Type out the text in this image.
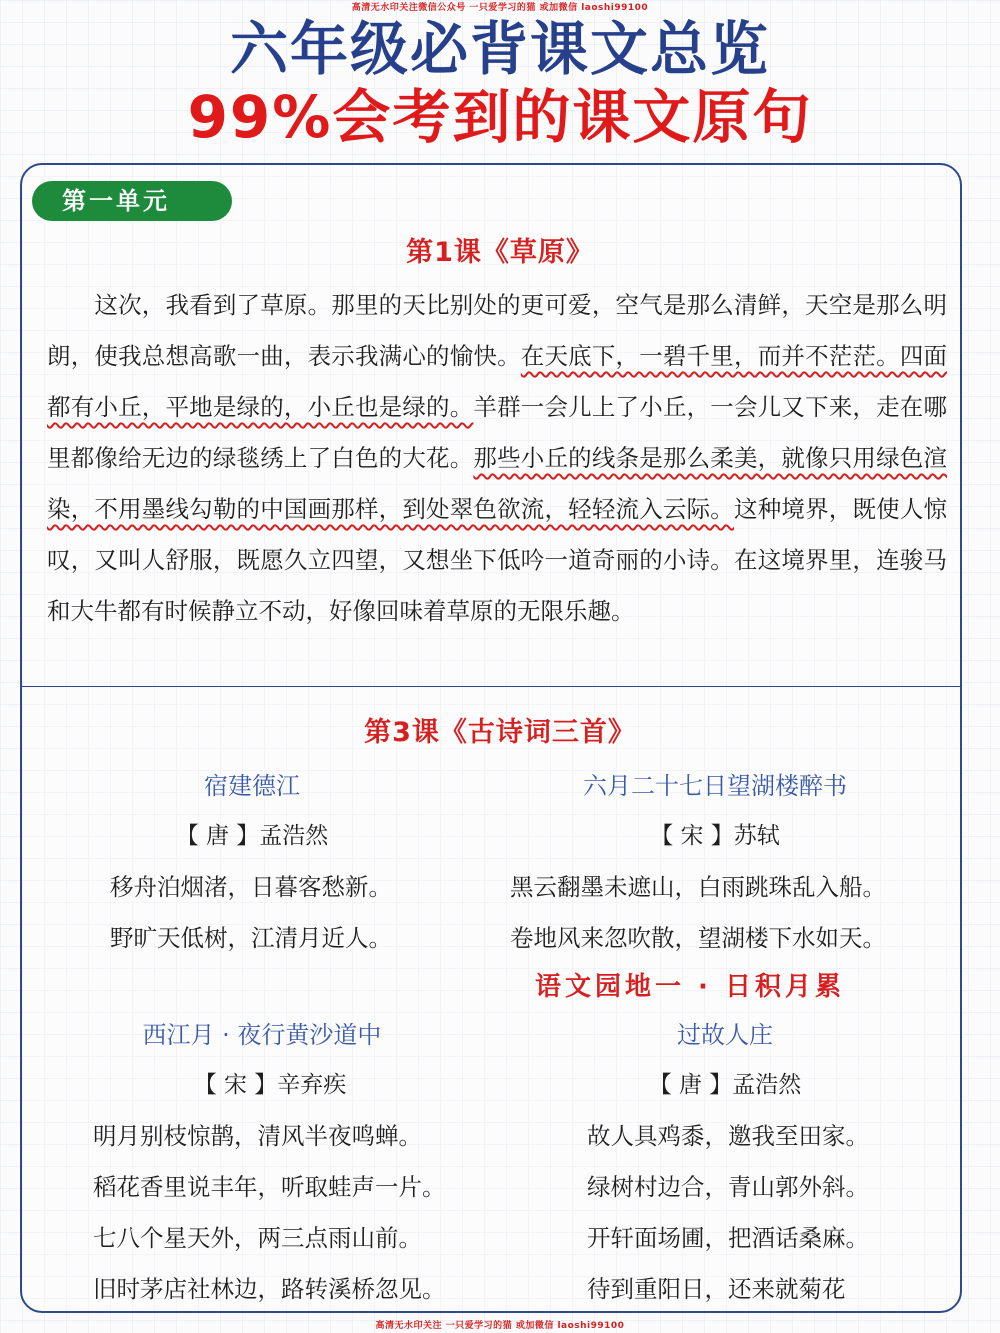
高清无水印关注微信公众号 一只爱学习的猫 或加微信 laoshi99100
六年级必背课文总览
99%会考到的课文原句
第一单元
第1课《草原》
　　这次，我看到了草原。那里的天比别处的更可爱，空气是那么清鲜，天空是那么明朗，使我总想高歌一曲，表示我满心的愉快。在天底下，一碧千里，而并不茫茫。四面都有小丘，平地是绿的，小丘也是绿的。羊群一会儿上了小丘，一会儿又下来，走在哪里都像给无边的绿毯绣上了白色的大花。那些小丘的线条是那么柔美，就像只用绿色渲染，不用墨线勾勒的中国画那样，到处翠色欲流，轻轻流入云际。这种境界，既使人惊叹，又叫人舒服，既愿久立四望，又想坐下低吟一道奇丽的小诗。在这境界里，连骏马和大牛都有时候静立不动，好像回味着草原的无限乐趣。
第3课《古诗词三首》
宿建德江
【 唐 】孟浩然
移舟泊烟渚，日暮客愁新。
野旷天低树，江清月近人。
六月二十七日望湖楼醉书
【 宋 】苏轼
黑云翻墨未遮山，白雨跳珠乱入船。
卷地风来忽吹散，望湖楼下水如天。
语文园地一 · 日积月累
西江月 · 夜行黄沙道中
【 宋 】辛弃疾
明月别枝惊鹊，清风半夜鸣蝉。
稻花香里说丰年，听取蛙声一片。
七八个星天外，两三点雨山前。
旧时茅店社林边，路转溪桥忽见。
过故人庄
【 唐 】孟浩然
故人具鸡黍，邀我至田家。
绿树村边合，青山郭外斜。
开轩面场圃，把酒话桑麻。
待到重阳日，还来就菊花
高清无水印关注 一只爱学习的猫 或加微信 laoshi99100
